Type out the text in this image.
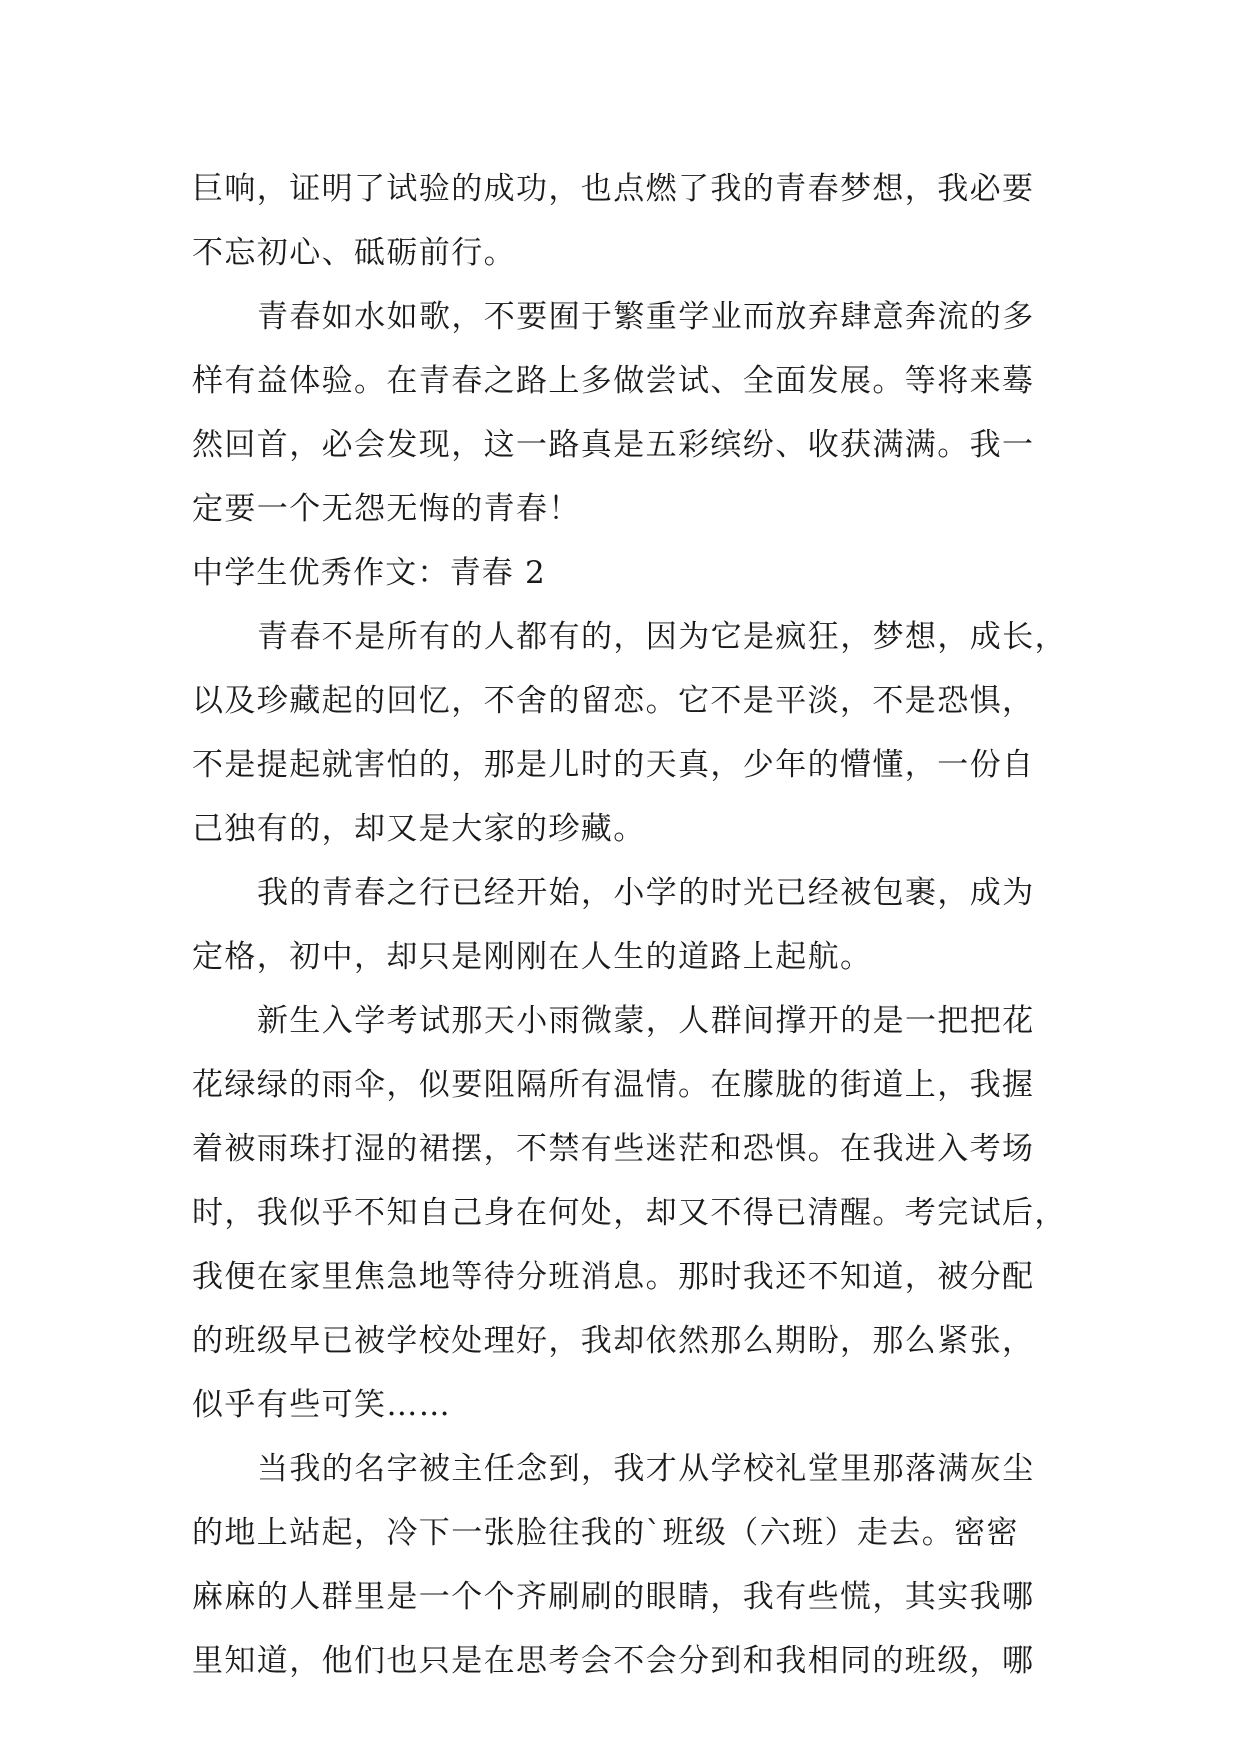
巨响，证明了试验的成功，也点燃了我的青春梦想，我必要
不忘初心、砥砺前行。
青春如水如歌，不要囿于繁重学业而放弃肆意奔流的多
样有益体验。在青春之路上多做尝试、全面发展。等将来蓦
然回首，必会发现，这一路真是五彩缤纷、收获满满。我一
定要一个无怨无悔的青春！
中学生优秀作文：青春 2
青春不是所有的人都有的，因为它是疯狂，梦想，成长，
以及珍藏起的回忆，不舍的留恋。它不是平淡，不是恐惧，
不是提起就害怕的，那是儿时的天真，少年的懵懂，一份自
己独有的，却又是大家的珍藏。
我的青春之行已经开始，小学的时光已经被包裹，成为
定格，初中，却只是刚刚在人生的道路上起航。
新生入学考试那天小雨微蒙，人群间撑开的是一把把花
花绿绿的雨伞，似要阻隔所有温情。在朦胧的街道上，我握
着被雨珠打湿的裙摆，不禁有些迷茫和恐惧。在我进入考场
时，我似乎不知自己身在何处，却又不得已清醒。考完试后，
我便在家里焦急地等待分班消息。那时我还不知道，被分配
的班级早已被学校处理好，我却依然那么期盼，那么紧张，
似乎有些可笑……
当我的名字被主任念到，我才从学校礼堂里那落满灰尘
的地上站起，冷下一张脸往我的`班级（六班）走去。密密
麻麻的人群里是一个个齐刷刷的眼睛，我有些慌，其实我哪
里知道，他们也只是在思考会不会分到和我相同的班级，哪
